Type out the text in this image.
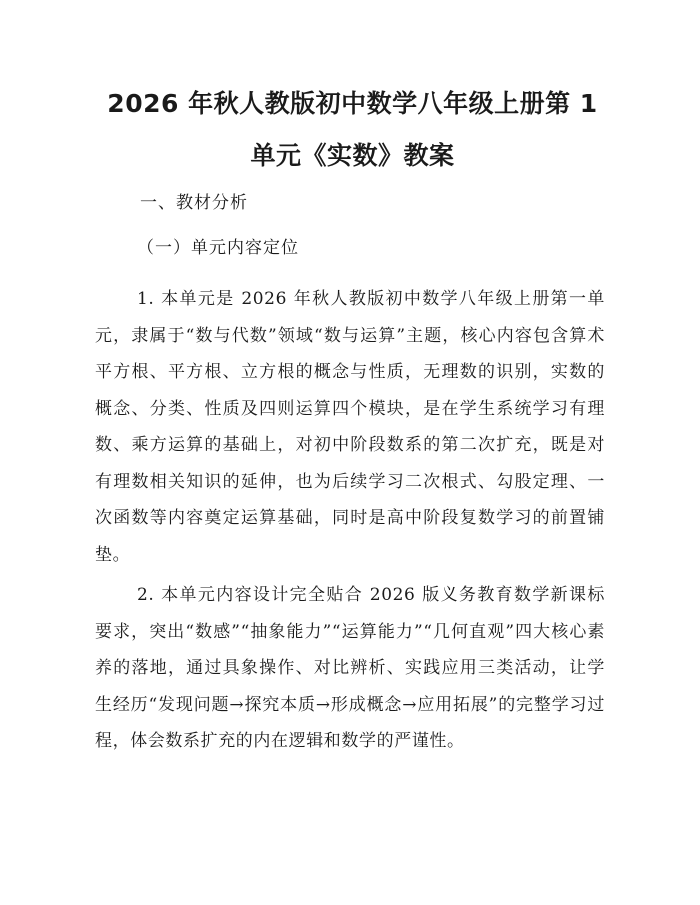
2026 年秋人教版初中数学八年级上册第 1 单元《实数》教案
一、教材分析
（一）单元内容定位
1. 本单元是 2026 年秋人教版初中数学八年级上册第一单元，隶属于“数与代数”领域“数与运算”主题，核心内容包含算术平方根、平方根、立方根的概念与性质，无理数的识别，实数的概念、分类、性质及四则运算四个模块，是在学生系统学习有理数、乘方运算的基础上，对初中阶段数系的第二次扩充，既是对有理数相关知识的延伸，也为后续学习二次根式、勾股定理、一次函数等内容奠定运算基础，同时是高中阶段复数学习的前置铺垫。
2. 本单元内容设计完全贴合 2026 版义务教育数学新课标要求，突出“数感”“抽象能力”“运算能力”“几何直观”四大核心素养的落地，通过具象操作、对比辨析、实践应用三类活动，让学生经历“发现问题→探究本质→形成概念→应用拓展”的完整学习过程，体会数系扩充的内在逻辑和数学的严谨性。
